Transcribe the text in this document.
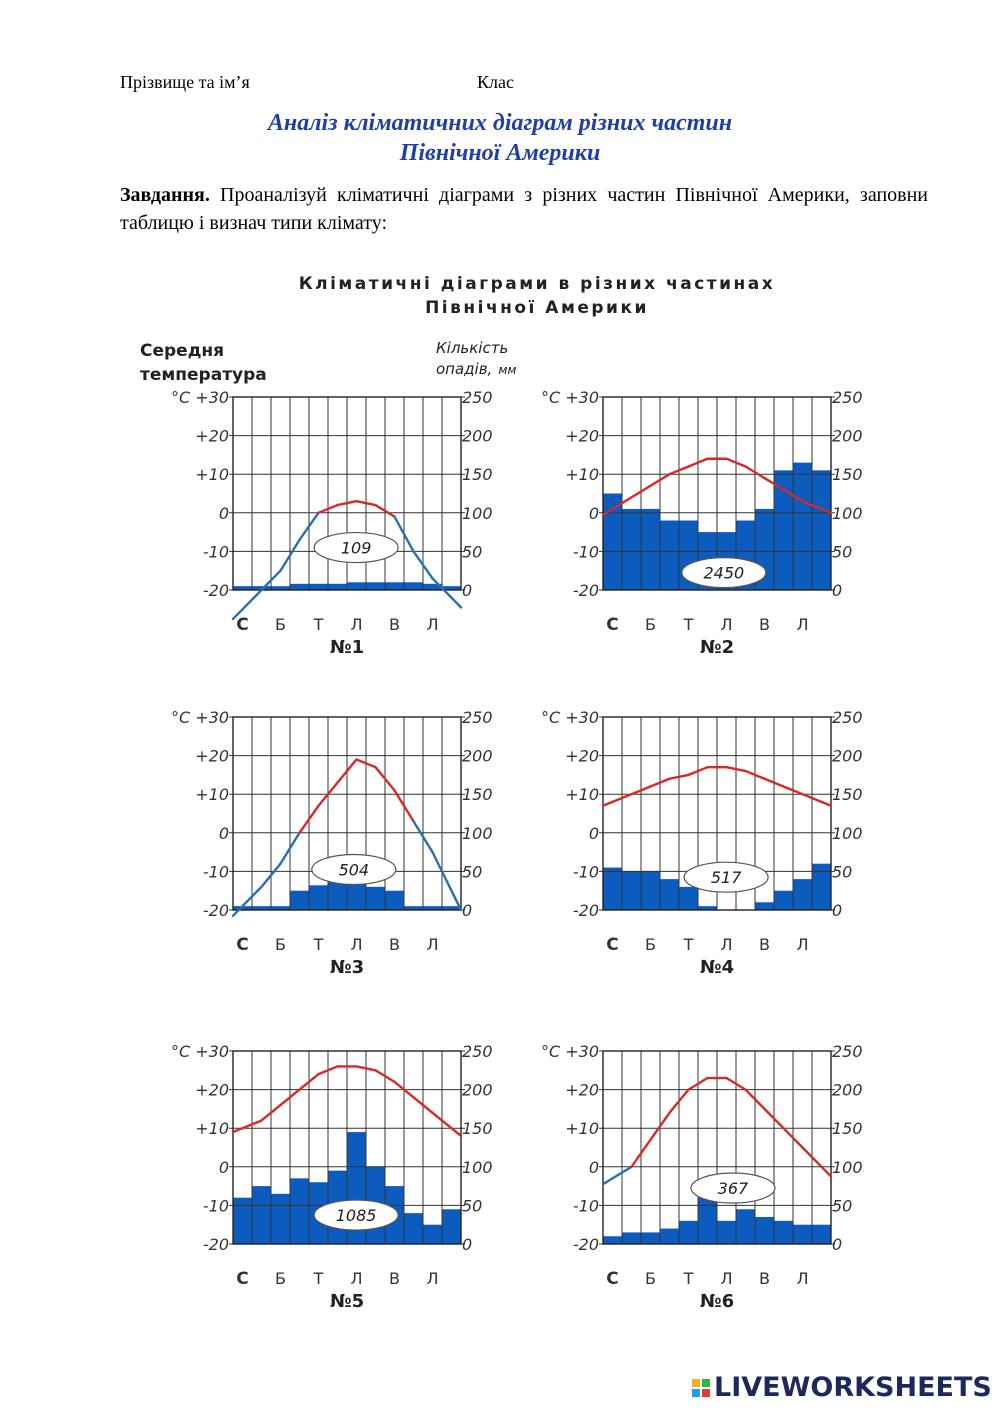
Прізвище та ім’я	Клас
Аналіз кліматичних діаграм різних частин
Північної Америки
Завдання. Проаналізуй кліматичні діаграми з різних частин Північної Америки, заповни таблицю і визнач типи клімату:
Кліматичні діаграми в різних частинах
Північної Америки
Середня
температура
Кількість
опадів, мм
°С +30
+20
+10
0
-10
-20
250
200
150
100
50
0
С Б Т Л В Л
№1
109
°С +30
+20
+10
0
-10
-20
250
200
150
100
50
0
С Б Т Л В Л
№2
2450
°С +30
+20
+10
0
-10
-20
250
200
150
100
50
0
С Б Т Л В Л
№3
504
°С +30
+20
+10
0
-10
-20
250
200
150
100
50
0
С Б Т Л В Л
№4
517
°С +30
+20
+10
0
-10
-20
250
200
150
100
50
0
С Б Т Л В Л
№5
1085
°С +30
+20
+10
0
-10
-20
250
200
150
100
50
0
С Б Т Л В Л
№6
367
LIVEWORKSHEETS
